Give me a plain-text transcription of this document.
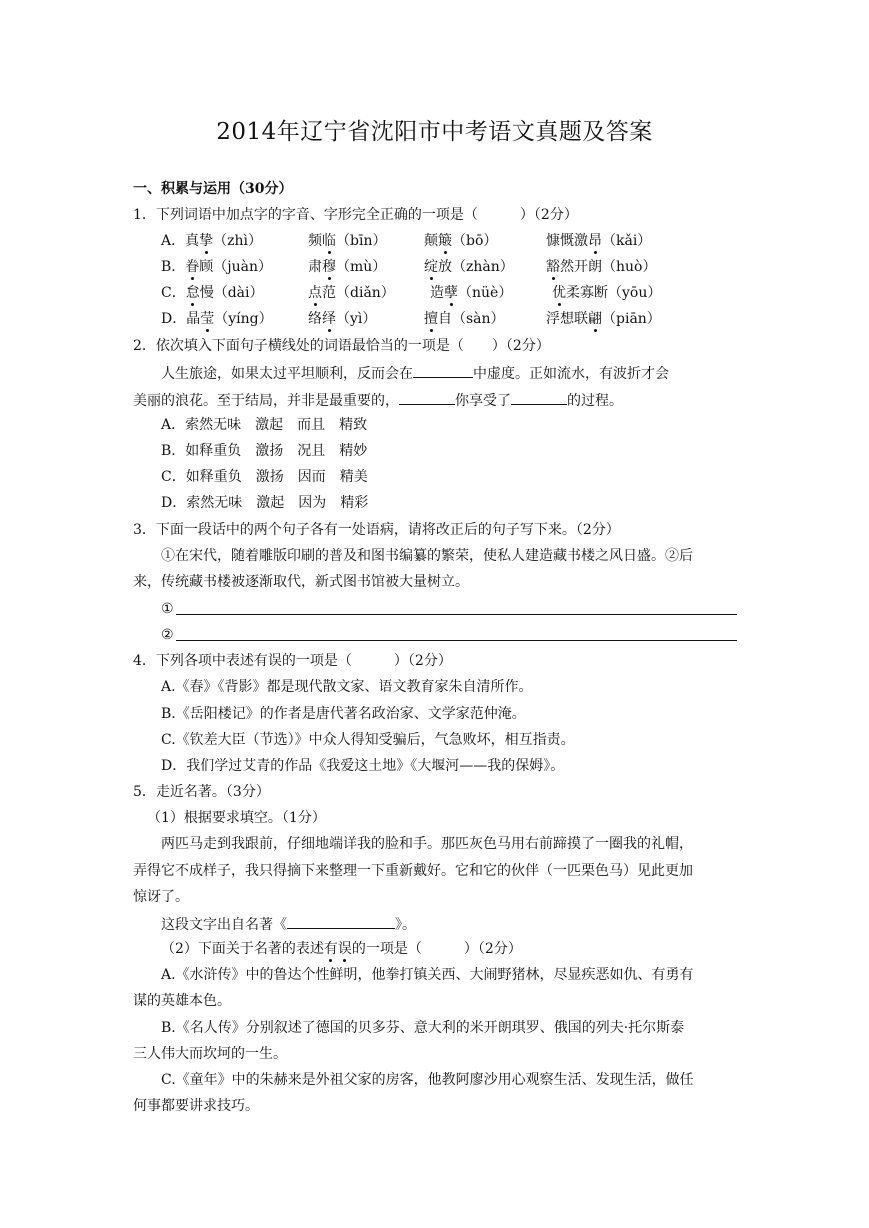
2014年辽宁省沈阳市中考语文真题及答案
一、积累与运用（30分）
1．下列词语中加点字的字音、字形完全正确的一项是（　　　）（2分）
A．真挚（zhì）	频临（bīn）	颠簸（bō）	慷慨激昂（kǎi）
B．眷顾（juàn）	肃穆（mù）	绽放（zhàn） 豁然开朗（huò）
C．怠慢（dài）	点范（diǎn）	造孽（nüè）	优柔寡断（yōu）
D．晶莹（yíng）	络绎（yì）	擅自（sàn）	浮想联翩（piān）
2．依次填入下面句子横线处的词语最恰当的一项是（　　）（2分）
人生旅途，如果太过平坦顺利，反而会在	中虚度。正如流水，有波折才会
美丽的浪花。至于结局，并非是最重要的，	你享受了	的过程。
A．索然无味　激起　而且　精致
B．如释重负　激扬　况且　精妙
C．如释重负　激扬　因而　精美
D．索然无味　激起　因为　精彩
3．下面一段话中的两个句子各有一处语病，请将改正后的句子写下来。（2分）
①在宋代，随着雕版印刷的普及和图书编纂的繁荣，使私人建造藏书楼之风日盛。②后
来，传统藏书楼被逐渐取代，新式图书馆被大量树立。
①
②
4．下列各项中表述有误的一项是（　　　）（2分）
A.《春》《背影》都是现代散文家、语文教育家朱自清所作。
B.《岳阳楼记》的作者是唐代著名政治家、文学家范仲淹。
C.《钦差大臣（节选）》中众人得知受骗后，气急败坏，相互指责。
D．我们学过艾青的作品《我爱这土地》《大堰河——我的保姆》。
5．走近名著。（3分）
（1）根据要求填空。（1分）
两匹马走到我跟前，仔细地端详我的脸和手。那匹灰色马用右前蹄摸了一圈我的礼帽，
弄得它不成样子，我只得摘下来整理一下重新戴好。它和它的伙伴（一匹栗色马）见此更加
惊讶了。
这段文字出自名著《	》。
（2）下面关于名著的表述有误的一项是（　　　）（2分）
A.《水浒传》中的鲁达个性鲜明，他拳打镇关西、大闹野猪林，尽显疾恶如仇、有勇有
谋的英雄本色。
B.《名人传》分别叙述了德国的贝多芬、意大利的米开朗琪罗、俄国的列夫·托尔斯泰
三人伟大而坎坷的一生。
C.《童年》中的朱赫来是外祖父家的房客，他教阿廖沙用心观察生活、发现生活，做任
何事都要讲求技巧。
